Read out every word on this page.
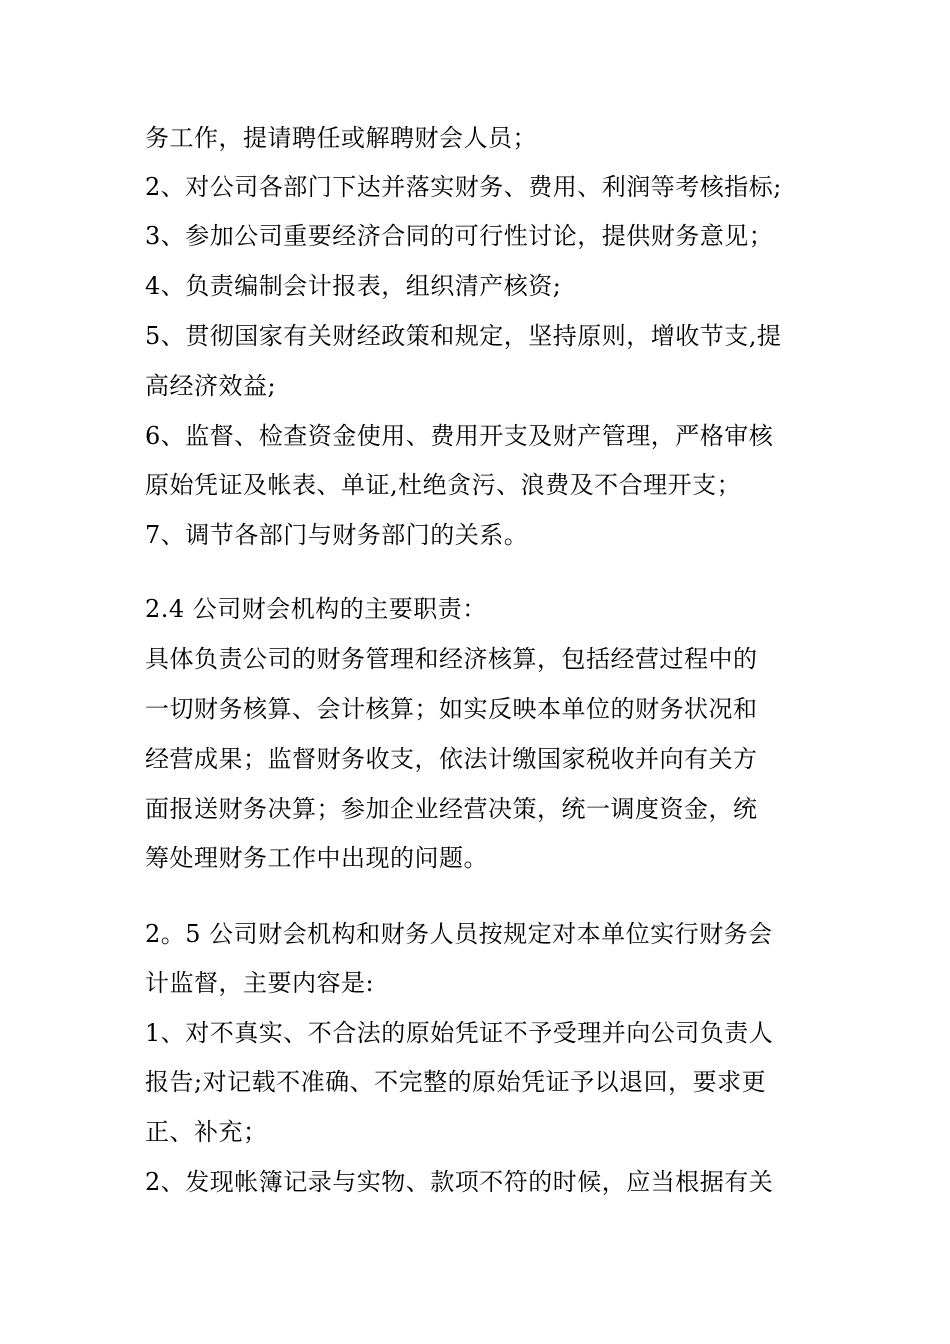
务工作，提请聘任或解聘财会人员；
2、对公司各部门下达并落实财务、费用、利润等考核指标;
3、参加公司重要经济合同的可行性讨论，提供财务意见；
4、负责编制会计报表，组织清产核资;
5、贯彻国家有关财经政策和规定，坚持原则，增收节支,提
高经济效益;
6、监督、检查资金使用、费用开支及财产管理，严格审核
原始凭证及帐表、单证,杜绝贪污、浪费及不合理开支；
7、调节各部门与财务部门的关系。
2.4 公司财会机构的主要职责：
具体负责公司的财务管理和经济核算，包括经营过程中的
一切财务核算、会计核算；如实反映本单位的财务状况和
经营成果；监督财务收支，依法计缴国家税收并向有关方
面报送财务决算；参加企业经营决策，统一调度资金，统
筹处理财务工作中出现的问题。
2。5 公司财会机构和财务人员按规定对本单位实行财务会
计监督，主要内容是:
1、对不真实、不合法的原始凭证不予受理并向公司负责人
报告;对记载不准确、不完整的原始凭证予以退回，要求更
正、补充；
2、发现帐簿记录与实物、款项不符的时候，应当根据有关
